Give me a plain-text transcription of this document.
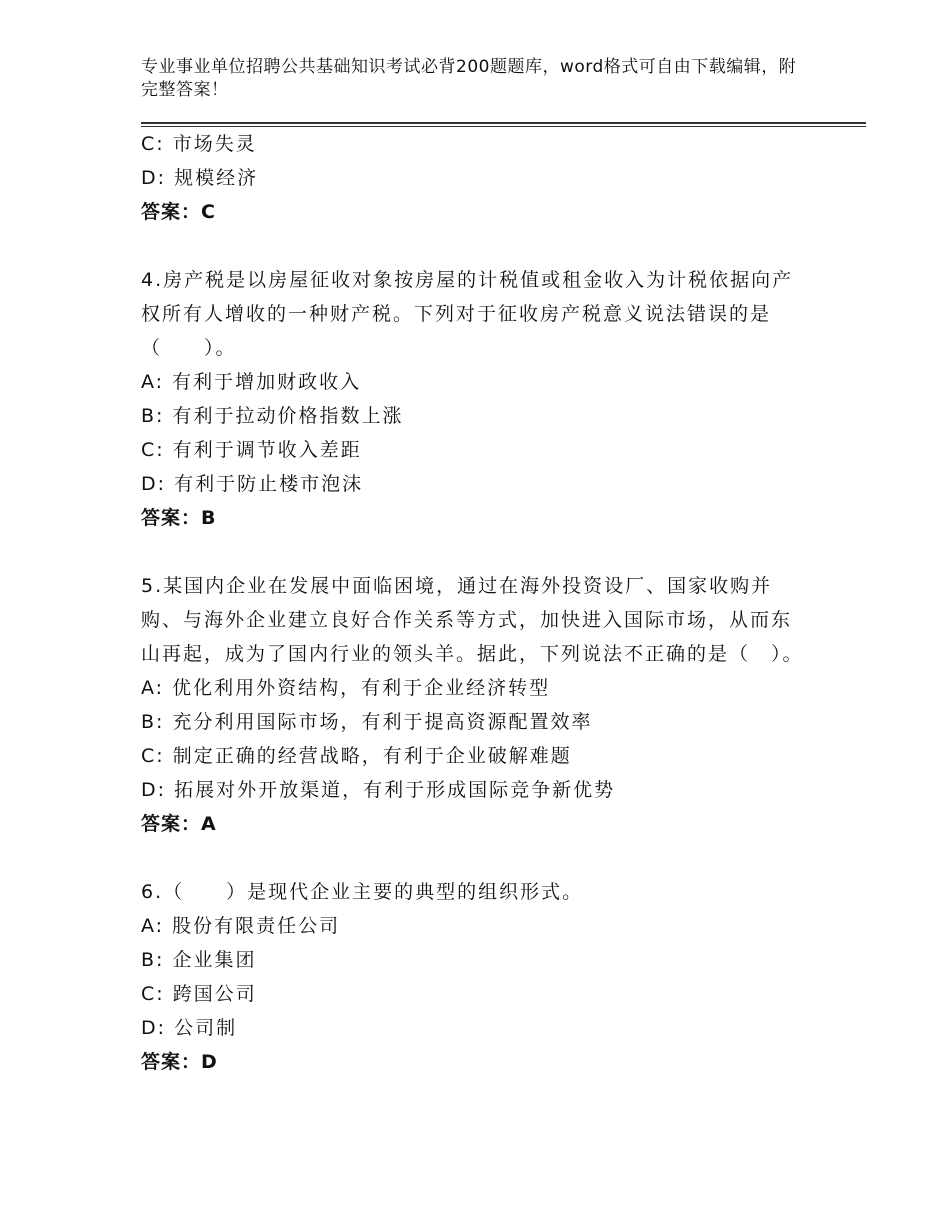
专业事业单位招聘公共基础知识考试必背200题题库，word格式可自由下载编辑，附完整答案！
C: 市场失灵
D: 规模经济
答案：C
4.房产税是以房屋征收对象按房屋的计税值或租金收入为计税依据向产权所有人增收的一种财产税。下列对于征收房产税意义说法错误的是（　　）。
A: 有利于增加财政收入
B: 有利于拉动价格指数上涨
C: 有利于调节收入差距
D: 有利于防止楼市泡沫
答案：B
5.某国内企业在发展中面临困境，通过在海外投资设厂、国家收购并购、与海外企业建立良好合作关系等方式，加快进入国际市场，从而东山再起，成为了国内行业的领头羊。据此，下列说法不正确的是（　）。
A: 优化利用外资结构，有利于企业经济转型
B: 充分利用国际市场，有利于提高资源配置效率
C: 制定正确的经营战略，有利于企业破解难题
D: 拓展对外开放渠道，有利于形成国际竞争新优势
答案：A
6.（　　）是现代企业主要的典型的组织形式。
A: 股份有限责任公司
B: 企业集团
C: 跨国公司
D: 公司制
答案：D
